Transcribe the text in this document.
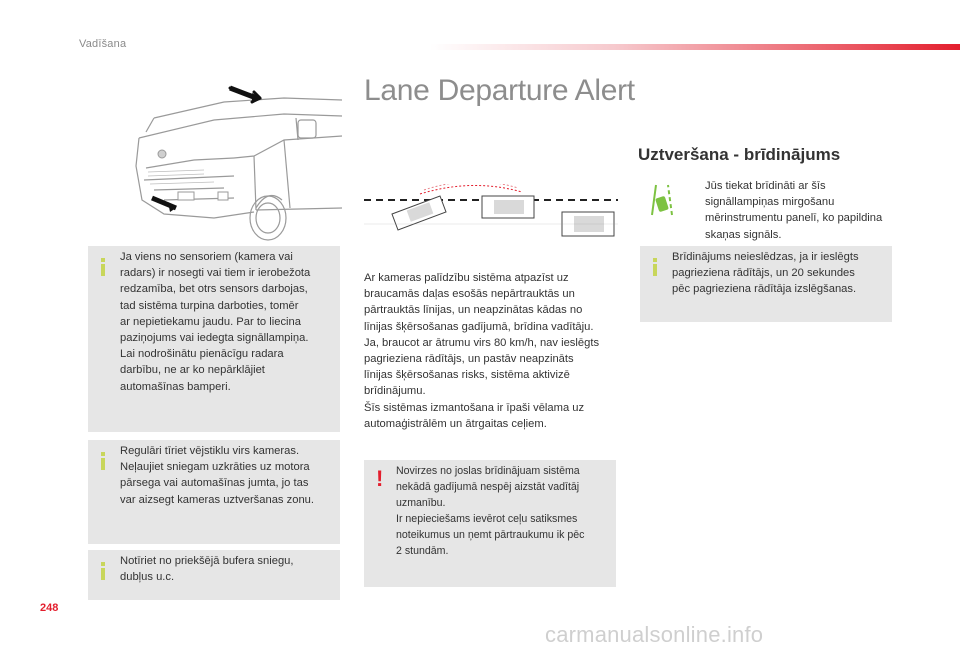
Vadīšana
Lane Departure Alert
Ar kameras palīdzību sistēma atpazīst uz
braucamās daļas esošās nepārtrauktās un
pārtrauktās līnijas, un neapzinātas kādas no
līnijas šķērsošanas gadījumā, brīdina vadītāju.
Ja, braucot ar ātrumu virs 80 km/h, nav ieslēgts
pagrieziena rādītājs, un pastāv neapzināts
līnijas šķērsošanas risks, sistēma aktivizē
brīdinājumu.
Šīs sistēmas izmantošana ir īpaši vēlama uz
automaģistrālēm un ātrgaitas ceļiem.
Uztveršana - brīdinājums
Jūs tiekat brīdināti ar šīs
signāllampiņas mirgošanu
mērinstrumentu panelī, ko papildina
skaņas signāls.
Ja viens no sensoriem (kamera vai
radars) ir nosegti vai tiem ir ierobežota
redzamība, bet otrs sensors darbojas,
tad sistēma turpina darboties, tomēr
ar nepietiekamu jaudu. Par to liecina
paziņojums vai iedegta signāllampiņa.
Lai nodrošinātu pienācīgu radara
darbību, ne ar ko nepārklājiet
automašīnas bamperi.
Regulāri tīriet vējstiklu virs kameras.
Neļaujiet sniegam uzkrāties uz motora
pārsega vai automašīnas jumta, jo tas
var aizsegt kameras uztveršanas zonu.
Notīriet no priekšējā bufera sniegu,
dubļus u.c.
! Novirzes no joslas brīdinājuam sistēma
nekādā gadījumā nespēj aizstāt vadītāj
uzmanību.
Ir nepieciešams ievērot ceļu satiksmes
noteikumus un ņemt pārtraukumu ik pēc
2 stundām.
Brīdinājums neieslēdzas, ja ir ieslēgts
pagrieziena rādītājs, un 20 sekundes
pēc pagrieziena rādītāja izslēgšanas.
248
carmanualsonline.info
